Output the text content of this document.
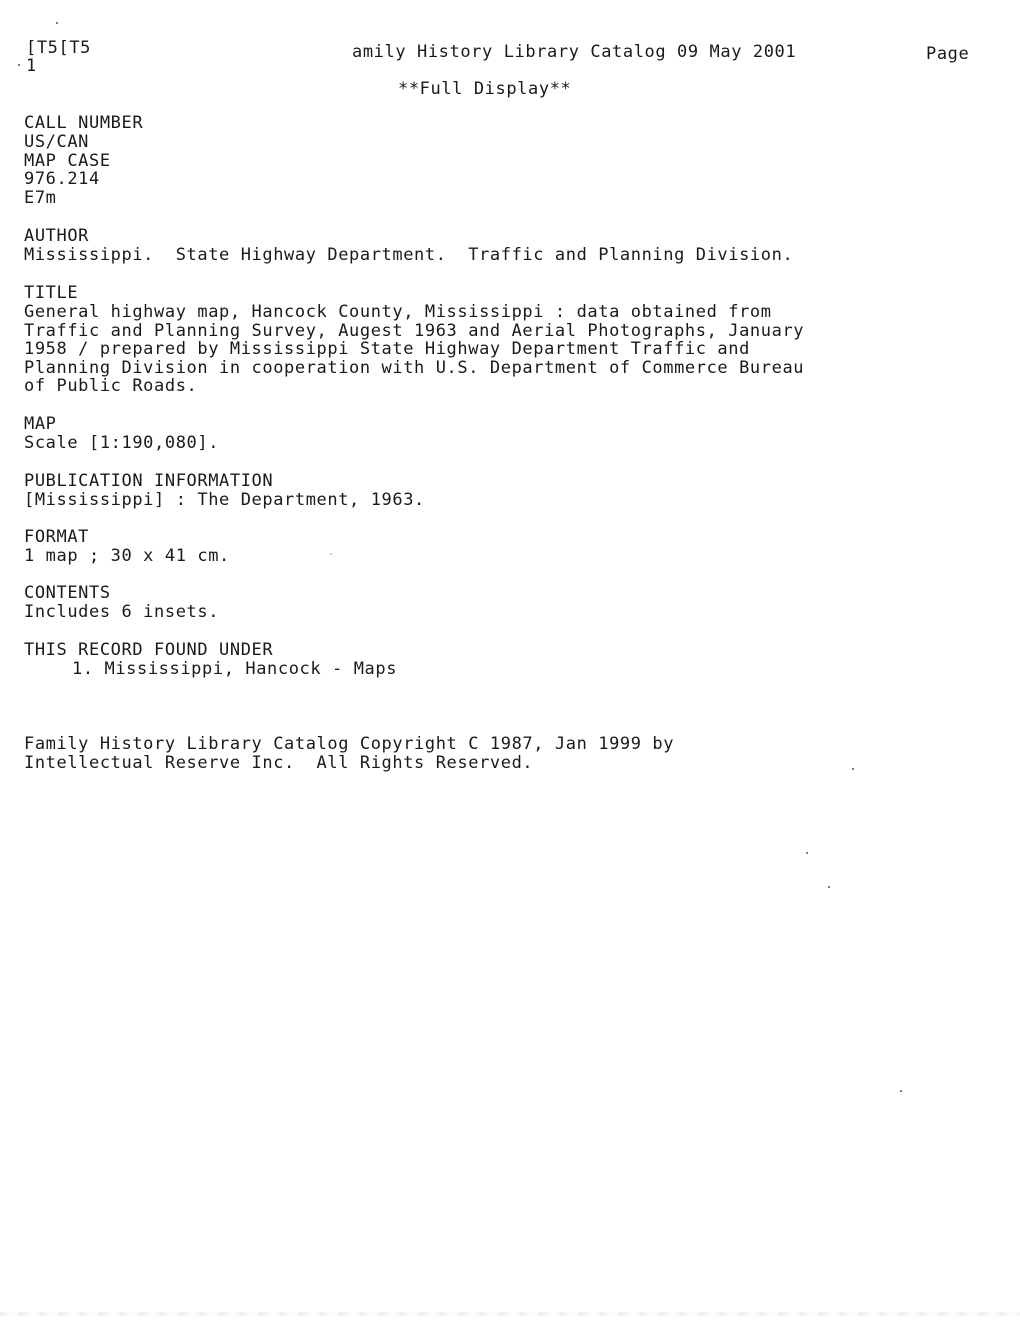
[T5[T5
1
amily History Library Catalog 09 May 2001	Page
**Full Display**
CALL NUMBER
US/CAN
MAP CASE
976.214
E7m
AUTHOR
Mississippi.  State Highway Department.  Traffic and Planning Division.
TITLE
General highway map, Hancock County, Mississippi : data obtained from
Traffic and Planning Survey, Augest 1963 and Aerial Photographs, January
1958 / prepared by Mississippi State Highway Department Traffic and
Planning Division in cooperation with U.S. Department of Commerce Bureau
of Public Roads.
MAP
Scale [1:190,080].
PUBLICATION INFORMATION
[Mississippi] : The Department, 1963.
FORMAT
1 map ; 30 x 41 cm.
CONTENTS
Includes 6 insets.
THIS RECORD FOUND UNDER
1. Mississippi, Hancock - Maps
Family History Library Catalog Copyright C 1987, Jan 1999 by
Intellectual Reserve Inc.  All Rights Reserved.
